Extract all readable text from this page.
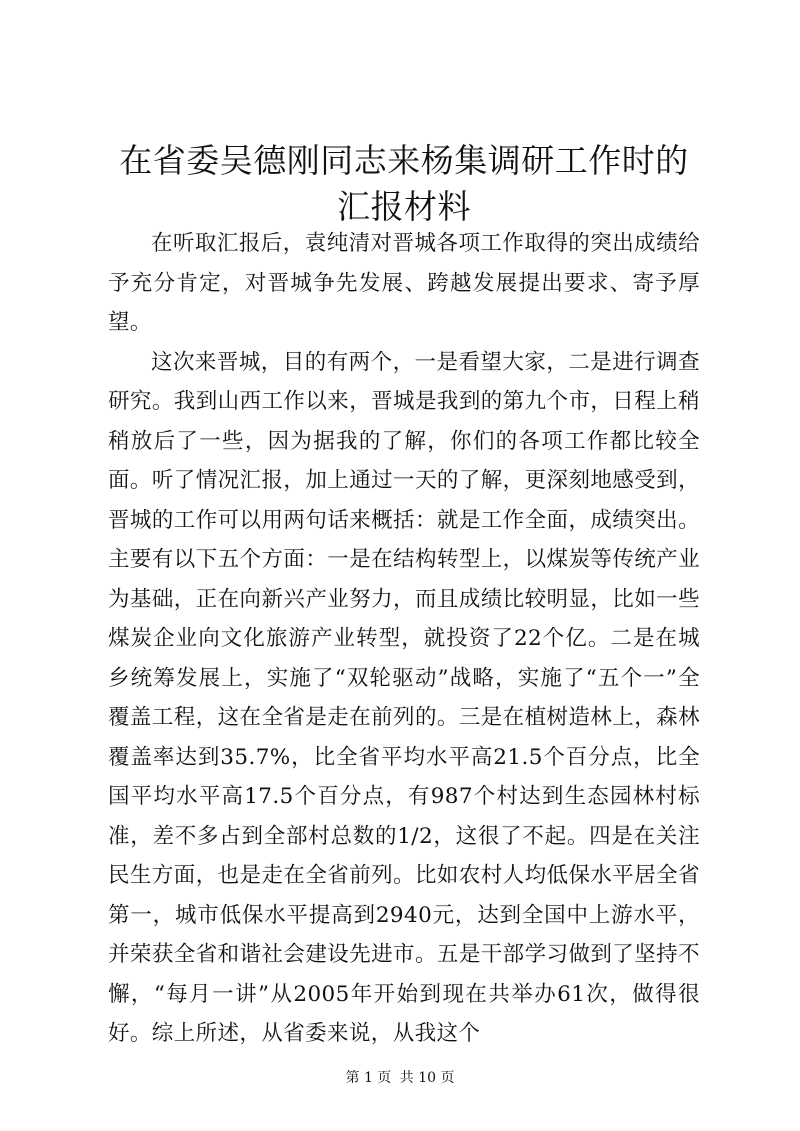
在省委吴德刚同志来杨集调研工作时的汇报材料

在听取汇报后，袁纯清对晋城各项工作取得的突出成绩给予充分肯定，对晋城争先发展、跨越发展提出要求、寄予厚望。

这次来晋城，目的有两个，一是看望大家，二是进行调查研究。我到山西工作以来，晋城是我到的第九个市，日程上稍稍放后了一些，因为据我的了解，你们的各项工作都比较全面。听了情况汇报，加上通过一天的了解，更深刻地感受到，晋城的工作可以用两句话来概括：就是工作全面，成绩突出。主要有以下五个方面：一是在结构转型上，以煤炭等传统产业为基础，正在向新兴产业努力，而且成绩比较明显，比如一些煤炭企业向文化旅游产业转型，就投资了22个亿。二是在城乡统筹发展上，实施了“双轮驱动”战略，实施了“五个一”全覆盖工程，这在全省是走在前列的。三是在植树造林上，森林覆盖率达到35.7%，比全省平均水平高21.5个百分点，比全国平均水平高17.5个百分点，有987个村达到生态园林村标准，差不多占到全部村总数的1/2，这很了不起。四是在关注民生方面，也是走在全省前列。比如农村人均低保水平居全省第一，城市低保水平提高到2940元，达到全国中上游水平，并荣获全省和谐社会建设先进市。五是干部学习做到了坚持不懈，“每月一讲”从2005年开始到现在共举办61次，做得很好。综上所述，从省委来说，从我这个

第 1 页 共 10 页
